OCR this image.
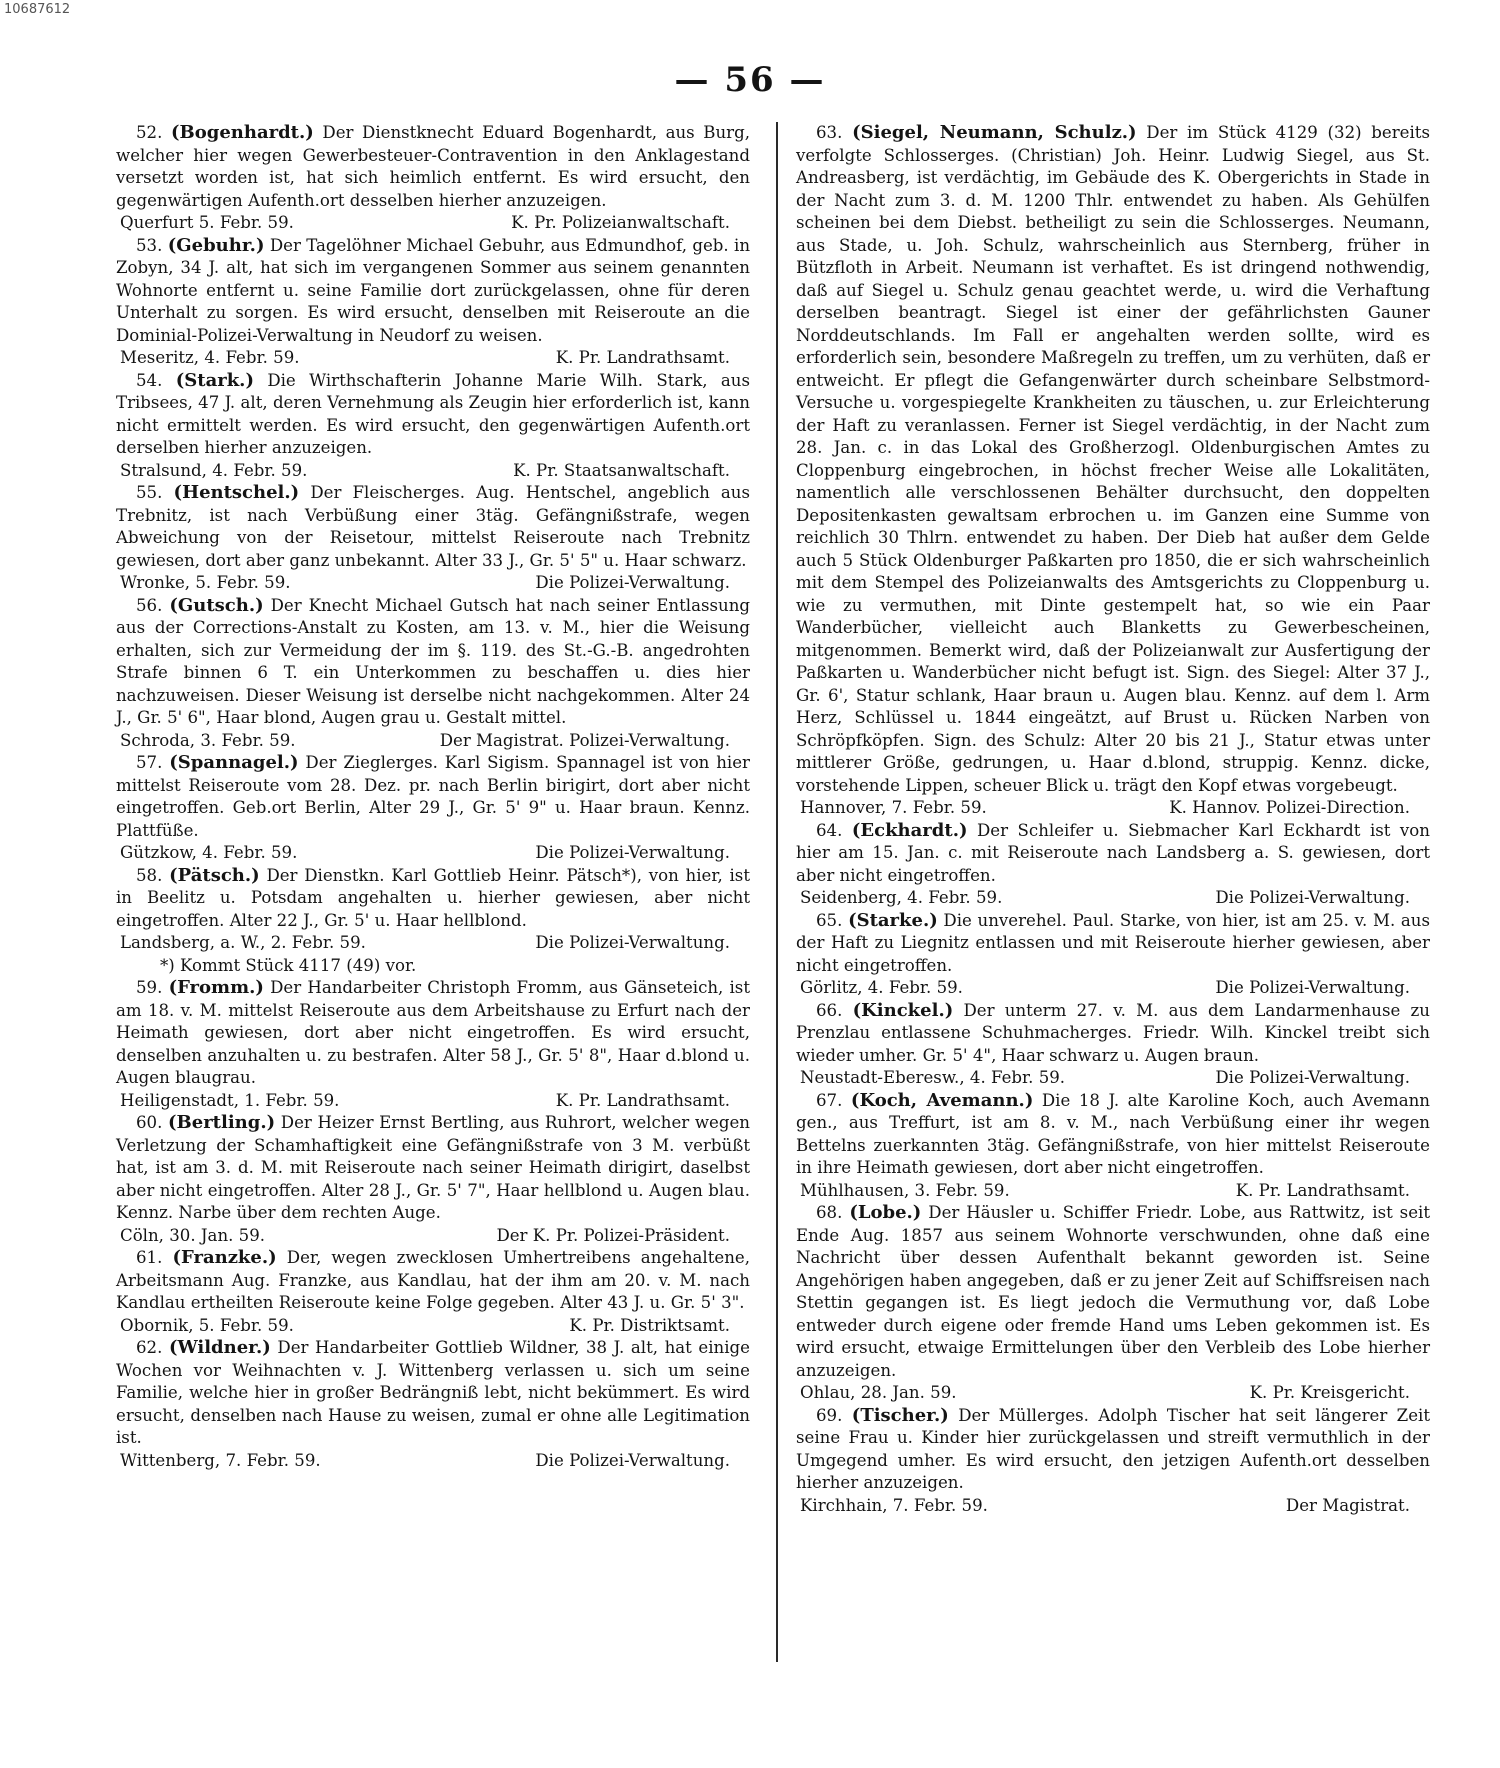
10687612
— 56 —

52. (Bogenhardt.) Der Dienstknecht Eduard Bogenhardt, aus Burg, welcher hier wegen Gewerbesteuer-Contravention in den Anklagestand versetzt worden ist, hat sich heimlich entfernt. Es wird ersucht, den gegenwärtigen Aufenth.ort desselben hierher anzuzeigen.

Querfurt 5. Febr. 59.	K. Pr. Polizeianwaltschaft.

53. (Gebuhr.) Der Tagelöhner Michael Gebuhr, aus Edmundhof, geb. in Zobyn, 34 J. alt, hat sich im vergangenen Sommer aus seinem genannten Wohnorte entfernt u. seine Familie dort zurückgelassen, ohne für deren Unterhalt zu sorgen. Es wird ersucht, denselben mit Reiseroute an die Dominial-Polizei-Verwaltung in Neudorf zu weisen.

Meseritz, 4. Febr. 59.	K. Pr. Landrathsamt.

54. (Stark.) Die Wirthschafterin Johanne Marie Wilh. Stark, aus Tribsees, 47 J. alt, deren Vernehmung als Zeugin hier erforderlich ist, kann nicht ermittelt werden. Es wird ersucht, den gegenwärtigen Aufenth.ort derselben hierher anzuzeigen.

Stralsund, 4. Febr. 59.	K. Pr. Staatsanwaltschaft.

55. (Hentschel.) Der Fleischerges. Aug. Hentschel, angeblich aus Trebnitz, ist nach Verbüßung einer 3täg. Gefängnißstrafe, wegen Abweichung von der Reisetour, mittelst Reiseroute nach Trebnitz gewiesen, dort aber ganz unbekannt. Alter 33 J., Gr. 5' 5" u. Haar schwarz.

Wronke, 5. Febr. 59.	Die Polizei-Verwaltung.

56. (Gutsch.) Der Knecht Michael Gutsch hat nach seiner Entlassung aus der Corrections-Anstalt zu Kosten, am 13. v. M., hier die Weisung erhalten, sich zur Vermeidung der im §. 119. des St.-G.-B. angedrohten Strafe binnen 6 T. ein Unterkommen zu beschaffen u. dies hier nachzuweisen. Dieser Weisung ist derselbe nicht nachgekommen. Alter 24 J., Gr. 5' 6", Haar blond, Augen grau u. Gestalt mittel.

Schroda, 3. Febr. 59.	Der Magistrat. Polizei-Verwaltung.

57. (Spannagel.) Der Zieglerges. Karl Sigism. Spannagel ist von hier mittelst Reiseroute vom 28. Dez. pr. nach Berlin birigirt, dort aber nicht eingetroffen. Geb.ort Berlin, Alter 29 J., Gr. 5' 9" u. Haar braun. Kennz. Plattfüße.

Gützkow, 4. Febr. 59.	Die Polizei-Verwaltung.

58. (Pätsch.) Der Dienstkn. Karl Gottlieb Heinr. Pätsch*), von hier, ist in Beelitz u. Potsdam angehalten u. hierher gewiesen, aber nicht eingetroffen. Alter 22 J., Gr. 5' u. Haar hellblond.

Landsberg, a. W., 2. Febr. 59.	Die Polizei-Verwaltung.

*) Kommt Stück 4117 (49) vor.

59. (Fromm.) Der Handarbeiter Christoph Fromm, aus Gänseteich, ist am 18. v. M. mittelst Reiseroute aus dem Arbeitshause zu Erfurt nach der Heimath gewiesen, dort aber nicht eingetroffen. Es wird ersucht, denselben anzuhalten u. zu bestrafen. Alter 58 J., Gr. 5' 8", Haar d.blond u. Augen blaugrau.

Heiligenstadt, 1. Febr. 59.	K. Pr. Landrathsamt.

60. (Bertling.) Der Heizer Ernst Bertling, aus Ruhrort, welcher wegen Verletzung der Schamhaftigkeit eine Gefängnißstrafe von 3 M. verbüßt hat, ist am 3. d. M. mit Reiseroute nach seiner Heimath dirigirt, daselbst aber nicht eingetroffen. Alter 28 J., Gr. 5' 7", Haar hellblond u. Augen blau. Kennz. Narbe über dem rechten Auge.

Cöln, 30. Jan. 59.	Der K. Pr. Polizei-Präsident.

61. (Franzke.) Der, wegen zwecklosen Umhertreibens angehaltene, Arbeitsmann Aug. Franzke, aus Kandlau, hat der ihm am 20. v. M. nach Kandlau ertheilten Reiseroute keine Folge gegeben. Alter 43 J. u. Gr. 5' 3".

Obornik, 5. Febr. 59.	K. Pr. Distriktsamt.

62. (Wildner.) Der Handarbeiter Gottlieb Wildner, 38 J. alt, hat einige Wochen vor Weihnachten v. J. Wittenberg verlassen u. sich um seine Familie, welche hier in großer Bedrängniß lebt, nicht bekümmert. Es wird ersucht, denselben nach Hause zu weisen, zumal er ohne alle Legitimation ist.

Wittenberg, 7. Febr. 59.	Die Polizei-Verwaltung.

63. (Siegel, Neumann, Schulz.) Der im Stück 4129 (32) bereits verfolgte Schlosserges. (Christian) Joh. Heinr. Ludwig Siegel, aus St. Andreasberg, ist verdächtig, im Gebäude des K. Obergerichts in Stade in der Nacht zum 3. d. M. 1200 Thlr. entwendet zu haben. Als Gehülfen scheinen bei dem Diebst. betheiligt zu sein die Schlosserges. Neumann, aus Stade, u. Joh. Schulz, wahrscheinlich aus Sternberg, früher in Bützfloth in Arbeit. Neumann ist verhaftet. Es ist dringend nothwendig, daß auf Siegel u. Schulz genau geachtet werde, u. wird die Verhaftung derselben beantragt. Siegel ist einer der gefährlichsten Gauner Norddeutschlands. Im Fall er angehalten werden sollte, wird es erforderlich sein, besondere Maßregeln zu treffen, um zu verhüten, daß er entweicht. Er pflegt die Gefangenwärter durch scheinbare Selbstmord-Versuche u. vorgespiegelte Krankheiten zu täuschen, u. zur Erleichterung der Haft zu veranlassen. Ferner ist Siegel verdächtig, in der Nacht zum 28. Jan. c. in das Lokal des Großherzogl. Oldenburgischen Amtes zu Cloppenburg eingebrochen, in höchst frecher Weise alle Lokalitäten, namentlich alle verschlossenen Behälter durchsucht, den doppelten Depositenkasten gewaltsam erbrochen u. im Ganzen eine Summe von reichlich 30 Thlrn. entwendet zu haben. Der Dieb hat außer dem Gelde auch 5 Stück Oldenburger Paßkarten pro 1850, die er sich wahrscheinlich mit dem Stempel des Polizeianwalts des Amtsgerichts zu Cloppenburg u. wie zu vermuthen, mit Dinte gestempelt hat, so wie ein Paar Wanderbücher, vielleicht auch Blanketts zu Gewerbescheinen, mitgenommen. Bemerkt wird, daß der Polizeianwalt zur Ausfertigung der Paßkarten u. Wanderbücher nicht befugt ist. Sign. des Siegel: Alter 37 J., Gr. 6', Statur schlank, Haar braun u. Augen blau. Kennz. auf dem l. Arm Herz, Schlüssel u. 1844 eingeätzt, auf Brust u. Rücken Narben von Schröpfköpfen. Sign. des Schulz: Alter 20 bis 21 J., Statur etwas unter mittlerer Größe, gedrungen, u. Haar d.blond, struppig. Kennz. dicke, vorstehende Lippen, scheuer Blick u. trägt den Kopf etwas vorgebeugt.

Hannover, 7. Febr. 59.	K. Hannov. Polizei-Direction.

64. (Eckhardt.) Der Schleifer u. Siebmacher Karl Eckhardt ist von hier am 15. Jan. c. mit Reiseroute nach Landsberg a. S. gewiesen, dort aber nicht eingetroffen.

Seidenberg, 4. Febr. 59.	Die Polizei-Verwaltung.

65. (Starke.) Die unverehel. Paul. Starke, von hier, ist am 25. v. M. aus der Haft zu Liegnitz entlassen und mit Reiseroute hierher gewiesen, aber nicht eingetroffen.

Görlitz, 4. Febr. 59.	Die Polizei-Verwaltung.

66. (Kinckel.) Der unterm 27. v. M. aus dem Landarmenhause zu Prenzlau entlassene Schuhmacherges. Friedr. Wilh. Kinckel treibt sich wieder umher. Gr. 5' 4", Haar schwarz u. Augen braun.

Neustadt-Eberesw., 4. Febr. 59.	Die Polizei-Verwaltung.

67. (Koch, Avemann.) Die 18 J. alte Karoline Koch, auch Avemann gen., aus Treffurt, ist am 8. v. M., nach Verbüßung einer ihr wegen Bettelns zuerkannten 3täg. Gefängnißstrafe, von hier mittelst Reiseroute in ihre Heimath gewiesen, dort aber nicht eingetroffen.

Mühlhausen, 3. Febr. 59.	K. Pr. Landrathsamt.

68. (Lobe.) Der Häusler u. Schiffer Friedr. Lobe, aus Rattwitz, ist seit Ende Aug. 1857 aus seinem Wohnorte verschwunden, ohne daß eine Nachricht über dessen Aufenthalt bekannt geworden ist. Seine Angehörigen haben angegeben, daß er zu jener Zeit auf Schiffsreisen nach Stettin gegangen ist. Es liegt jedoch die Vermuthung vor, daß Lobe entweder durch eigene oder fremde Hand ums Leben gekommen ist. Es wird ersucht, etwaige Ermittelungen über den Verbleib des Lobe hierher anzuzeigen.

Ohlau, 28. Jan. 59.	K. Pr. Kreisgericht.

69. (Tischer.) Der Müllerges. Adolph Tischer hat seit längerer Zeit seine Frau u. Kinder hier zurückgelassen und streift vermuthlich in der Umgegend umher. Es wird ersucht, den jetzigen Aufenth.ort desselben hierher anzuzeigen.

Kirchhain, 7. Febr. 59.	Der Magistrat.
